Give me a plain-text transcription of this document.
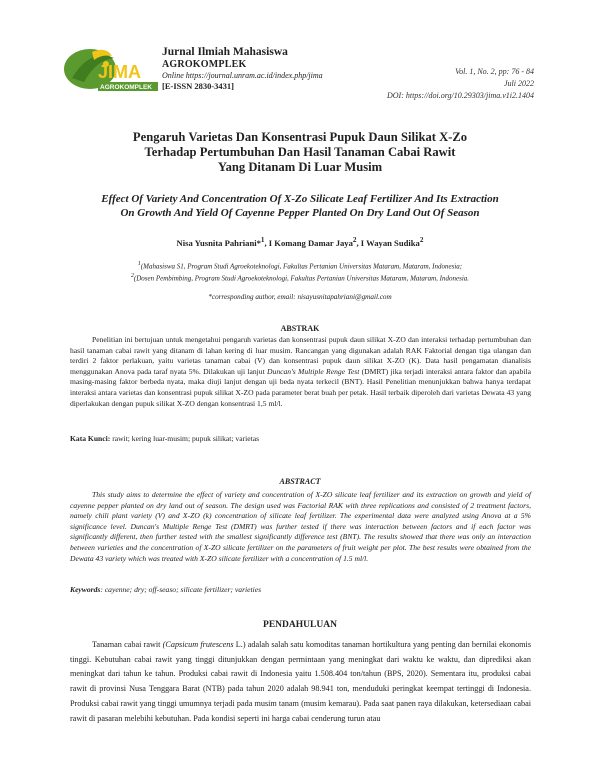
JIMA
AGROKOMPLEK
Jurnal Ilmiah Mahasiswa
AGROKOMPLEK
Online https://journal.unram.ac.id/index.php/jima
[E-ISSN 2830-3431]
Vol. 1, No. 2, pp: 76 - 84
Juli 2022
DOI: https://doi.org/10.29303/jima.v1i2.1404
Pengaruh Varietas Dan Konsentrasi Pupuk Daun Silikat X-Zo
Terhadap Pertumbuhan Dan Hasil Tanaman Cabai Rawit
Yang Ditanam Di Luar Musim
Effect Of Variety And Concentration Of X-Zo Silicate Leaf Fertilizer And Its Extraction
On Growth And Yield Of Cayenne Pepper Planted On Dry Land Out Of Season
Nisa Yusnita Pahriani*$^1$, I Komang Damar Jaya$^2$, I Wayan Sudika$^2$
$^1$(Mahasiswa S1, Program Studi Agroekoteknologi, Fakultas Pertanian Universitas Mataram, Mataram, Indonesia;
$^2$(Dosen Pembimbing, Program Studi Agroekoteknologi, Fakultas Pertanian Universitas Mataram, Mataram, Indonesia.
*corresponding author, email: nisayusnitapahriani@gmail.com
ABSTRAK
Penelitian ini bertujuan untuk mengetahui pengaruh varietas dan konsentrasi pupuk daun silikat X-ZO dan interaksi terhadap pertumbuhan dan hasil tanaman cabai rawit yang ditanam di lahan kering di luar musim. Rancangan yang digunakan adalah RAK Faktorial dengan tiga ulangan dan terdiri 2 faktor perlakuan, yaitu varietas tanaman cabai (V) dan konsentrasi pupuk daun silikat X-ZO (K). Data hasil pengamatan dianalisis menggunakan Anova pada taraf nyata 5%. Dilakukan uji lanjut Duncan's Multiple Renge Test (DMRT) jika terjadi interaksi antara faktor dan apabila masing-masing faktor berbeda nyata, maka diuji lanjut dengan uji beda nyata terkecil (BNT). Hasil Penelitian menunjukkan bahwa hanya terdapat interaksi antara varietas dan konsentrasi pupuk silikat X-ZO pada parameter berat buah per petak. Hasil terbaik diperoleh dari varietas Dewata 43 yang diperlakukan dengan pupuk silikat X-ZO dengan konsentrasi 1,5 ml/l.
Kata Kunci: rawit; kering luar-musim; pupuk silikat; varietas
ABSTRACT
This study aims to determine the effect of variety and concentration of X-ZO silicate leaf fertilizer and its extraction on growth and yield of cayenne pepper planted on dry land out of season. The design used was Factorial RAK with three replications and consisted of 2 treatment factors, namely chili plant variety (V) and X-ZO (k) concentration of silicate leaf fertilizer. The experimental data were analyzed using Anova at a 5% significance level. Duncan's Multiple Renge Test (DMRT) was further tested if there was interaction between factors and if each factor was significantly different, then further tested with the smallest significantly difference test (BNT). The results showed that there was only an interaction between varieties and the concentration of X-ZO silicate fertilizer on the parameters of fruit weight per plot. The best results were obtained from the Dewata 43 variety which was treated with X-ZO silicate fertilizer with a concentration of 1.5 ml/l.
Keywords: cayenne; dry; off-seaso; silicate fertilizer; varieties
PENDAHULUAN
Tanaman cabai rawit (Capsicum frutescens L.) adalah salah satu komoditas tanaman hortikultura yang penting dan bernilai ekonomis tinggi. Kebutuhan cabai rawit yang tinggi ditunjukkan dengan permintaan yang meningkat dari waktu ke waktu, dan diprediksi akan meningkat dari tahun ke tahun. Produksi cabai rawit di Indonesia yaitu 1.508.404 ton/tahun (BPS, 2020). Sementara itu, produksi cabai rawit di provinsi Nusa Tenggara Barat (NTB) pada tahun 2020 adalah 98.941 ton, menduduki peringkat keempat tertinggi di Indonesia. Produksi cabai rawit yang tinggi umumnya terjadi pada musim tanam (musim kemarau). Pada saat panen raya dilakukan, ketersediaan cabai rawit di pasaran melebihi kebutuhan. Pada kondisi seperti ini harga cabai cenderung turun atau
